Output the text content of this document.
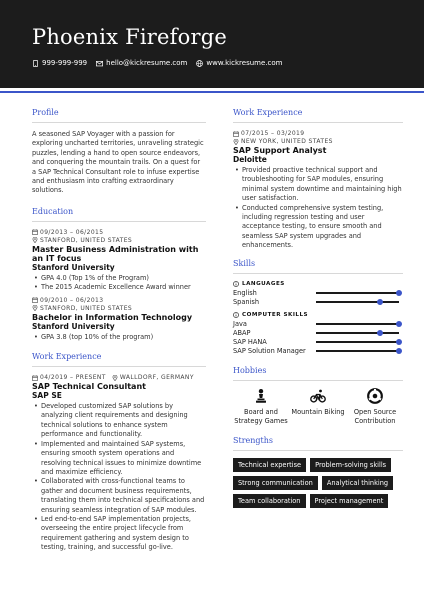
Phoenix Fireforge
999-999-999	hello@kickresume.com	www.kickresume.com
Profile
A seasoned SAP Voyager with a passion for exploring uncharted territories, unraveling strategic puzzles, lending a hand to open source endeavors, and conquering the mountain trails. On a quest for a SAP Technical Consultant role to infuse expertise and enthusiasm into crafting extraordinary solutions.
Education
09/2013 – 06/2015
STANFORD, UNITED STATES
Master Business Administration with an IT focus
Stanford University
• GPA 4.0 (Top 1% of the Program)
• The 2015 Academic Excellence Award winner
09/2010 – 06/2013
STANFORD, UNITED STATES
Bachelor in Information Technology
Stanford University
• GPA 3.8 (top 10% of the program)
Work Experience
04/2019 – PRESENT WALLDORF, GERMANY
SAP Technical Consultant
SAP SE
• Developed customized SAP solutions by analyzing client requirements and designing technical solutions to enhance system performance and functionality.
• Implemented and maintained SAP systems, ensuring smooth system operations and resolving technical issues to minimize downtime and maximize efficiency.
• Collaborated with cross-functional teams to gather and document business requirements, translating them into technical specifications and ensuring seamless integration of SAP modules.
• Led end-to-end SAP implementation projects, overseeing the entire project lifecycle from requirement gathering and system design to testing, training, and successful go-live.
Work Experience
07/2015 – 03/2019
NEW YORK, UNITED STATES
SAP Support Analyst
Deloitte
• Provided proactive technical support and troubleshooting for SAP modules, ensuring minimal system downtime and maintaining high user satisfaction.
• Conducted comprehensive system testing, including regression testing and user acceptance testing, to ensure smooth and seamless SAP system upgrades and enhancements.
Skills
LANGUAGES
English
Spanish
COMPUTER SKILLS
Java
ABAP
SAP HANA
SAP Solution Manager
Hobbies
Board and Strategy Games
Mountain Biking	Open Source Contribution
Strengths
Technical expertise	Problem-solving skills
Strong communication	Analytical thinking
Team collaboration	Project management
